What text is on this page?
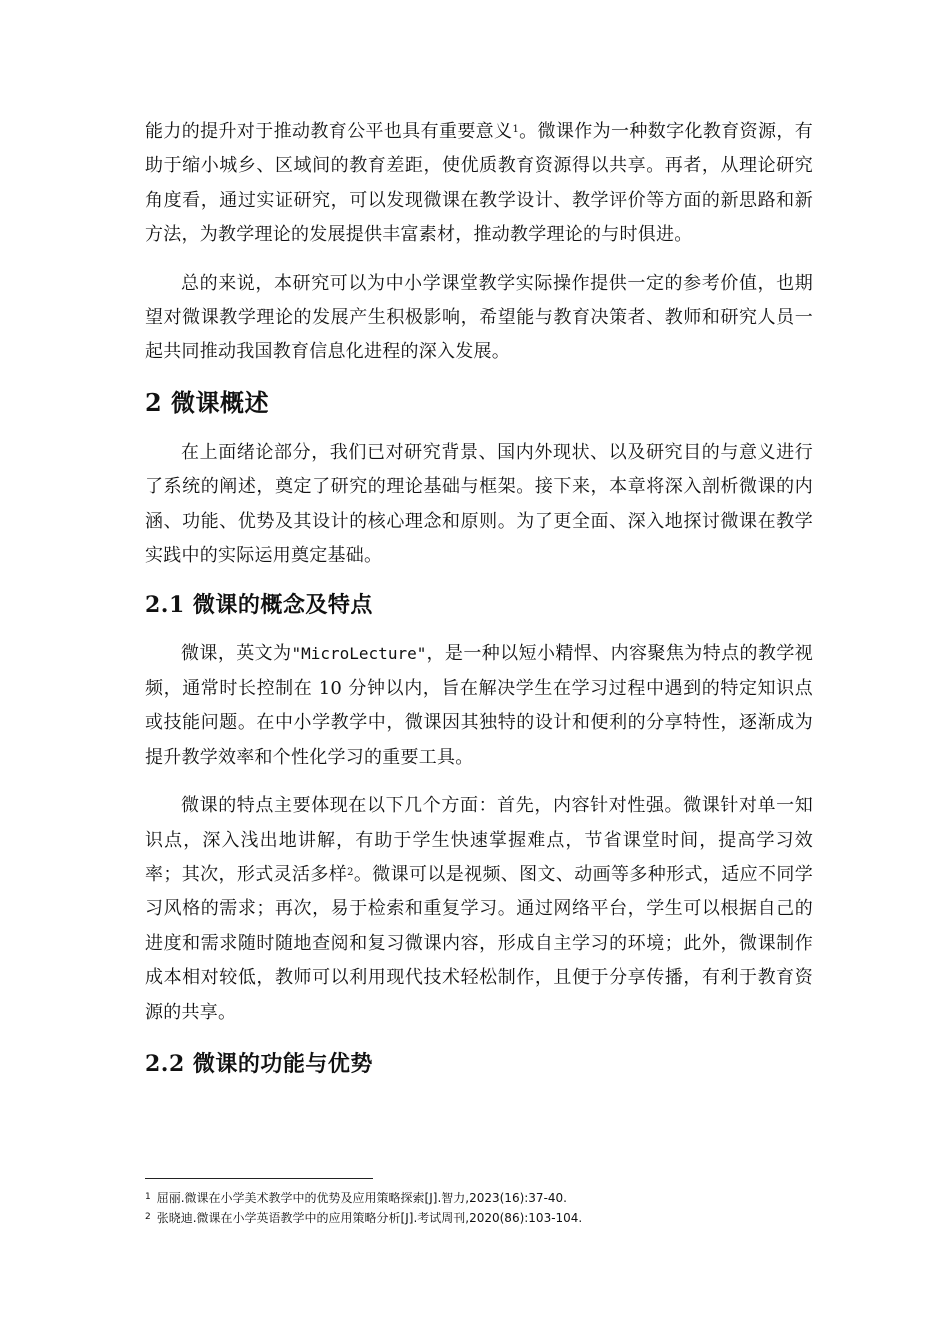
能力的提升对于推动教育公平也具有重要意义$^1$。微课作为一种数字化教育资源，有助于缩小城乡、区域间的教育差距，使优质教育资源得以共享。再者，从理论研究角度看，通过实证研究，可以发现微课在教学设计、教学评价等方面的新思路和新方法，为教学理论的发展提供丰富素材，推动教学理论的与时俱进。

总的来说，本研究可以为中小学课堂教学实际操作提供一定的参考价值，也期望对微课教学理论的发展产生积极影响，希望能与教育决策者、教师和研究人员一起共同推动我国教育信息化进程的深入发展。

2 微课概述

在上面绪论部分，我们已对研究背景、国内外现状、以及研究目的与意义进行了系统的阐述，奠定了研究的理论基础与框架。接下来，本章将深入剖析微课的内涵、功能、优势及其设计的核心理念和原则。为了更全面、深入地探讨微课在教学实践中的实际运用奠定基础。

2.1 微课的概念及特点

微课，英文为"MicroLecture"，是一种以短小精悍、内容聚焦为特点的教学视频，通常时长控制在 10 分钟以内，旨在解决学生在学习过程中遇到的特定知识点或技能问题。在中小学教学中，微课因其独特的设计和便利的分享特性，逐渐成为提升教学效率和个性化学习的重要工具。

微课的特点主要体现在以下几个方面：首先，内容针对性强。微课针对单一知识点，深入浅出地讲解，有助于学生快速掌握难点，节省课堂时间，提高学习效率；其次，形式灵活多样$^2$。微课可以是视频、图文、动画等多种形式，适应不同学习风格的需求；再次，易于检索和重复学习。通过网络平台，学生可以根据自己的进度和需求随时随地查阅和复习微课内容，形成自主学习的环境；此外，微课制作成本相对较低，教师可以利用现代技术轻松制作，且便于分享传播，有利于教育资源的共享。

2.2 微课的功能与优势
$^1$ 屈丽.微课在小学美术教学中的优势及应用策略探索[J].智力,2023(16):37-40.
$^2$ 张晓迪.微课在小学英语教学中的应用策略分析[J].考试周刊,2020(86):103-104.
